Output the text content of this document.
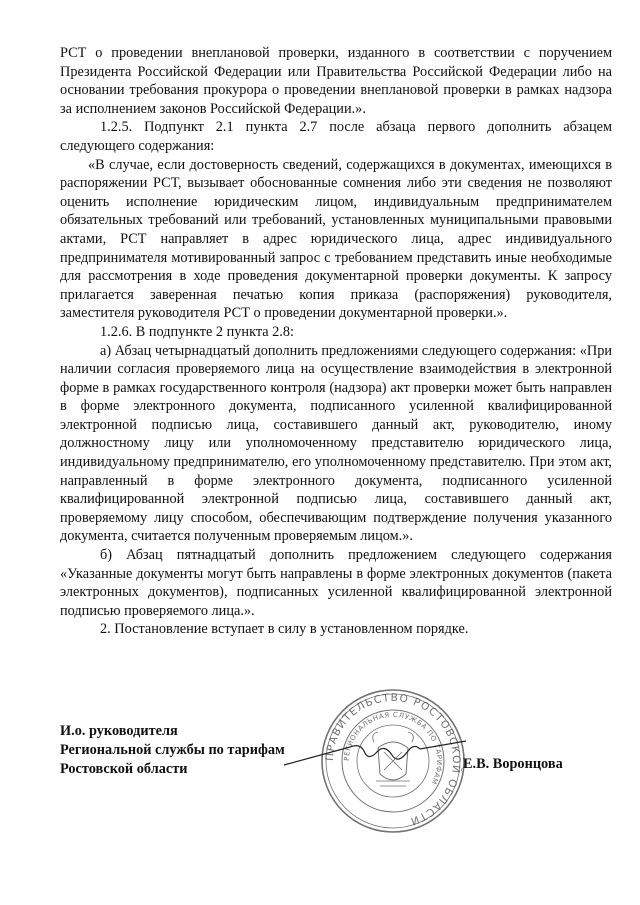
РСТ о проведении внеплановой проверки, изданного в соответствии с поручением Президента Российской Федерации или Правительства Российской Федерации либо на основании требования прокурора о проведении внеплановой проверки в рамках надзора за исполнением законов Российской Федерации.».

1.2.5. Подпункт 2.1 пункта 2.7 после абзаца первого дополнить абзацем следующего содержания:

«В случае, если достоверность сведений, содержащихся в документах, имеющихся в распоряжении РСТ, вызывает обоснованные сомнения либо эти сведения не позволяют оценить исполнение юридическим лицом, индивидуальным предпринимателем обязательных требований или требований, установленных муниципальными правовыми актами, РСТ направляет в адрес юридического лица, адрес индивидуального предпринимателя мотивированный запрос с требованием представить иные необходимые для рассмотрения в ходе проведения документарной проверки документы. К запросу прилагается заверенная печатью копия приказа (распоряжения) руководителя, заместителя руководителя РСТ о проведении документарной проверки.».

1.2.6. В подпункте 2 пункта 2.8:

а) Абзац четырнадцатый дополнить предложениями следующего содержания: «При наличии согласия проверяемого лица на осуществление взаимодействия в электронной форме в рамках государственного контроля (надзора) акт проверки может быть направлен в форме электронного документа, подписанного усиленной квалифицированной электронной подписью лица, составившего данный акт, руководителю, иному должностному лицу или уполномоченному представителю юридического лица, индивидуальному предпринимателю, его уполномоченному представителю. При этом акт, направленный в форме электронного документа, подписанного усиленной квалифицированной электронной подписью лица, составившего данный акт, проверяемому лицу способом, обеспечивающим подтверждение получения указанного документа, считается полученным проверяемым лицом.».

б) Абзац пятнадцатый дополнить предложением следующего содержания «Указанные документы могут быть направлены в форме электронных документов (пакета электронных документов), подписанных усиленной квалифицированной электронной подписью проверяемого лица.».

2. Постановление вступает в силу в установленном порядке.

И.о. руководителя
Региональной службы по тарифам
Ростовской области
ПРАВИТЕЛЬСТВО РОСТОВСКОЙ ОБЛАСТИ
РЕГИОНАЛЬНАЯ СЛУЖБА ПО ТАРИФАМ
Е.В. Воронцова
